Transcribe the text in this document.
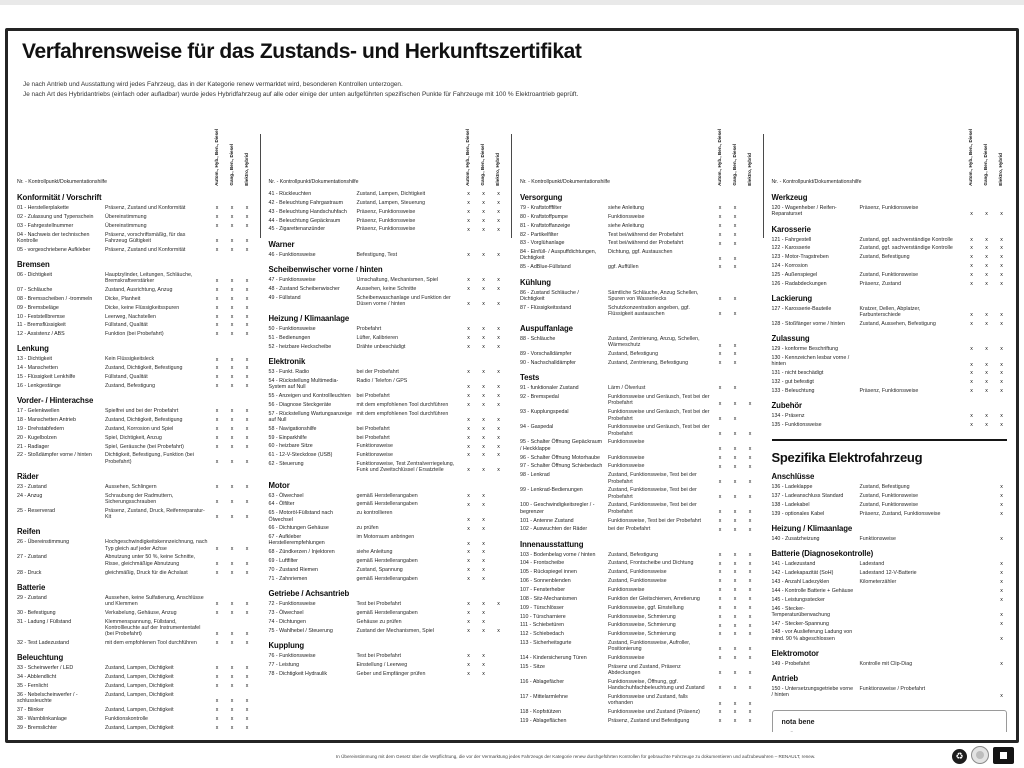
Verfahrensweise für das Zustands- und Herkunftszertifikat
Je nach Antrieb und Ausstattung wird jedes Fahrzeug, das in der Kategorie renew vermarktet wird, besonderen Kontrollen unterzogen.
Je nach Art des Hybridantriebs (einfach oder aufladbar) wurde jedes Hybridfahrzeug auf alle oder einige der unten aufgeführten spezifischen Punkte für Fahrzeuge mit 100 % Elektroantrieb geprüft.
Nr. - Kontrollpunkt/Dokumentationshilfe	Autom., Hyb., Ben., Diesel Gang., Ben., Diesel Elektro, Hybrid
Konformität / Vorschrift
01 - Herstellerplakette	Präsenz, Zustand und Konformität	x	x	x
02 - Zulassung und Typenschein	Übereinstimmung	x	x	x
03 - Fahrgestellnummer	Übereinstimmung	x	x	x
04 - Nachweis der technischen Kontrolle
Präsenz, vorschriftsmäßig, für das Fahrzeug Gültigkeit	x	x	x
05 - vorgeschriebene Aufkleber	Präsenz, Zustand und Konformität	x	x	x
Bremsen
06 - Dichtigkeit	Hauptzylinder, Leitungen, Schläuche, Bremskraftverstärker	x	x	x
07 - Schläuche	Zustand, Ausrichtung, Anzug	x	x	x
08 - Bremsscheiben / -trommeln	Dicke, Planheit	x	x	x
09 - Bremsbeläge	Dicke, keine Flüssigkeitsspuren	x	x	x
10 - Feststellbremse	Leerweg, Nachstellen	x	x	x
11 - Bremsflüssigkeit	Füllstand, Qualität	x	x	x
12 - Assistenz / ABS	Funktion (bei Probefahrt)	x	x	x
Lenkung
13 - Dichtigkeit	Kein Flüssigkeitsleck	x	x	x
14 - Manschetten	Zustand, Dichtigkeit, Befestigung	x	x	x
15 - Flüssigkeit Lenkhilfe	Füllstand, Qualität	x	x	x
16 - Lenkgestänge	Zustand, Befestigung	x	x	x
Vorder- / Hinterachse
17 - Gelenkwellen	Spielfrei und bei der Probefahrt	x	x	x
18 - Manschetten Antrieb	Zustand, Dichtigkeit, Befestigung	x	x	x
19 - Drehstabfedern	Zustand, Korrosion und Spiel	x	x	x
20 - Kugelbolzen	Spiel, Dichtigkeit, Anzug	x	x	x
21 - Radlager	Spiel, Geräusche (bei Probefahrt)	x	x	x
22 - Stoßdämpfer vorne / hinten	Dichtigkeit, Befestigung, Funktion (bei Probefahrt)	x	x	x
Räder
23 - Zustand	Aussehen, Schlingern	x	x	x
24 - Anzug	Schraubung der Radmuttern, Sicherungsschrauben	x	x	x
25 - Reserverad	Präsenz, Zustand, Druck, Reifenreparatur-Kit	x	x	x
Reifen
26 - Übereinstimmung	Hochgeschwindigkeitskennzeichnung, nach Typ gleich auf jeder Achse	x	x	x
27 - Zustand	Abnutzung unter 50 %, keine Schnitte, Risse, gleichmäßige Abnutzung	x	x	x
28 - Druck	gleichmäßig, Druck für die Achslast	x	x	x
Batterie
29 - Zustand	Aussehen, keine Sulfatierung, Anschlüsse und Klemmen	x	x	x
30 - Befestigung	Verkabelung, Gehäuse, Anzug	x	x	x
31 - Ladung / Füllstand	Klemmenspannung, Füllstand, Kontrollleuchte auf der Instrumententafel (bei Probefahrt)	x	x	x
32 - Test Ladezustand	mit dem empfohlenen Tool durchführen	x	x	x
Beleuchtung
33 - Scheinwerfer / LED	Zustand, Lampen, Dichtigkeit	x	x	x
34 - Abblendlicht	Zustand, Lampen, Dichtigkeit	x	x	x
35 - Fernlicht	Zustand, Lampen, Dichtigkeit	x	x	x
36 - Nebelscheinwerfer / -schlussleuchte
Zustand, Lampen, Dichtigkeit
x	x	x
37 - Blinker	Zustand, Lampen, Dichtigkeit	x	x	x
38 - Warnblinkanlage	Funktionskontrolle	x	x	x
39 - Bremslichter	Zustand, Lampen, Dichtigkeit	x	x	x
Nr. - Kontrollpunkt/Dokumentationshilfe	Autom., Hyb., Ben., Diesel Gang., Ben., Diesel Elektro, Hybrid
41 - Rückleuchten	Zustand, Lampen, Dichtigkeit	x	x	x
42 - Beleuchtung Fahrgastraum	Zustand, Lampen, Steuerung	x	x	x
43 - Beleuchtung Handschuhfach	Präsenz, Funktionsweise	x	x	x
44 - Beleuchtung Gepäckraum	Präsenz, Funktionsweise	x	x	x
45 - Zigarettenanzünder	Präsenz, Funktionsweise	x	x	x
Warner
46 - Funktionsweise	Befestigung, Test	x	x	x
Scheibenwischer vorne / hinten
47 - Funktionsweise	Umschaltung, Mechanismen, Spiel	x	x	x
48 - Zustand Scheibenwischer	Aussehen, keine Schnitte	x	x	x
49 - Füllstand	Scheibenwaschanlage und Funktion der Düsen vorne / hinten	x	x	x
Heizung / Klimaanlage
50 - Funktionsweise	Probefahrt	x	x	x
51 - Bedienungen	Lüfter, Kalibrieren	x	x	x
52 - heizbare Heckscheibe	Drähte unbeschädigt	x	x	x
Elektronik
53 - Funkt. Radio	bei der Probefahrt	x	x	x
54 - Rückstellung Multimedia-System auf Null
Radio / Telefon / GPS
x	x	x
55 - Anzeigen und Kontrollleuchten	bei Probefahrt	x	x	x
56 - Diagnose Steckgeräte	mit dem empfohlenen Tool durchführen	x	x	x
57 - Rückstellung Wartungsanzeige auf Null
mit dem empfohlenen Tool durchführen
x	x	x
58 - Navigationshilfe	bei Probefahrt	x	x	x
59 - Einparkhilfe	bei Probefahrt	x	x	x
60 - heizbare Sitze	Funktionsweise	x	x	x
61 - 12-V-Steckdose (USB)	Funktionsweise	x	x	x
62 - Steuerung	Funktionsweise, Test Zentralverriegelung, Funk und Zweitschlüssel / Ersatzteile	x	x	x
Motor
63 - Ölwechsel	gemäß Herstellerangaben	x	x
64 - Ölfilter	gemäß Herstellerangaben	x	x
65 - Motoröl-Füllstand nach Ölwechsel
zu kontrollieren
x	x
66 - Dichtungen Gehäuse	zu prüfen	x	x
67 - Aufkleber Herstellerempfehlungen
im Motorraum anbringen
x	x
68 - Zündkerzen / Injektoren	siehe Anleitung	x	x
69 - Luftfilter	gemäß Herstellerangaben	x	x
70 - Zustand Riemen	Zustand, Spannung	x	x
71 - Zahnriemen	gemäß Herstellerangaben	x	x
Getriebe / Achsantrieb
72 - Funktionsweise	Test bei Probefahrt	x	x	x
73 - Ölwechsel	gemäß Herstellerangaben	x	x
74 - Dichtungen	Gehäuse zu prüfen	x	x
75 - Wahlhebel / Steuerung	Zustand der Mechanismen, Spiel	x	x	x
Kupplung
76 - Funktionsweise	Test bei Probefahrt	x	x
77 - Leistung	Einstellung / Leerweg	x	x
78 - Dichtigkeit Hydraulik	Geber und Empfänger prüfen	x	x
Nr. - Kontrollpunkt/Dokumentationshilfe	Autom., Hyb., Ben., Diesel Gang., Ben., Diesel Elektro, Hybrid
Versorgung
79 - Kraftstofffilter	siehe Anleitung	x	x
80 - Kraftstoffpumpe	Funktionsweise	x	x
81 - Kraftstoffanzeige	siehe Anleitung	x	x
82 - Partikelfilter	Test bei/während der Probefahrt	x	x
83 - Vorglühanlage	Test bei/während der Probefahrt	x	x
84 - Einfüll- / Auspuffdichtungen, Dichtigkeit
Dichtung, ggf. Austauschen
x	x
85 - AdBlue-Füllstand	ggf. Auffüllen	x	x
Kühlung
86 - Zustand Schläuche / Dichtigkeit
Sämtliche Schläuche, Anzug Schellen, Spuren von Wasserlecks	x	x
87 - Flüssigkeitsstand	Schutzkonzentration angeben, ggf. Flüssigkeit austauschen	x	x
Auspuffanlage
88 - Schläuche	Zustand, Zentrierung, Anzug, Schellen, Wärmeschutz	x	x
89 - Vorschalldämpfer	Zustand, Befestigung	x	x
90 - Nachschalldämpfer	Zustand, Zentrierung, Befestigung	x	x
Tests
91 - funktionaler Zustand	Lärm / Ölverlust	x	x
92 - Bremspedal	Funktionsweise und Geräusch, Test bei der Probefahrt	x	x	x
93 - Kupplungspedal	Funktionsweise und Geräusch, Test bei der Probefahrt	x	x
94 - Gaspedal	Funktionsweise und Geräusch, Test bei der Probefahrt	x	x	x
95 - Schalter Öffnung Gepäckraum / Heckklappe
Funktionsweise
x	x	x
96 - Schalter Öffnung Motorhaube	Funktionsweise	x	x	x
97 - Schalter Öffnung Schiebedach	Funktionsweise	x	x	x
98 - Lenkrad	Zustand, Funktionsweise, Test bei der Probefahrt	x	x	x
99 - Lenkrad-Bedienungen	Zustand, Funktionsweise, Test bei der Probefahrt	x	x	x
100 - Geschwindigkeitsregler / -begrenzer
Zustand, Funktionsweise, Test bei der Probefahrt	x	x	x
101 - Antenne Zustand	Funktionsweise, Test bei der Probefahrt	x	x	x
102 - Auswuchten der Räder	bei der Probefahrt	x	x	x
Innenausstattung
103 - Bodenbelag vorne / hinten	Zustand, Befestigung	x	x	x
104 - Frontscheibe	Zustand, Frontscheibe und Dichtung	x	x	x
105 - Rückspiegel innen	Zustand, Funktionsweise	x	x	x
106 - Sonnenblenden	Zustand, Funktionsweise	x	x	x
107 - Fensterheber	Funktionsweise	x	x	x
108 - Sitz-Mechanismen	Funktion der Gleitschienen, Arretierung	x	x	x
109 - Türschlösser	Funktionsweise, ggf. Einstellung	x	x	x
110 - Türscharniere	Funktionsweise, Schmierung	x	x	x
111 - Schiebetüren	Funktionsweise, Schmierung	x	x	x
112 - Schiebedach	Funktionsweise, Schmierung	x	x	x
113 - Sicherheitsgurte	Zustand, Funktionsweise, Aufroller, Positionierung	x	x	x
114 - Kindersicherung Türen	Funktionsweise	x	x	x
115 - Sitze	Präsenz und Zustand, Präsenz Abdeckungen	x	x	x
116 - Ablagefächer	Funktionsweise, Öffnung, ggf. Handschuhfachbeleuchtung und Zustand	x	x	x
117 - Mittelarmlehne	Funktionsweise und Zustand, falls vorhanden	x	x	x
118 - Kopfstützen	Funktionsweise und Zustand (Präsenz)	x	x	x
119 - Ablageflächen	Präsenz, Zustand und Befestigung	x	x	x
Nr. - Kontrollpunkt/Dokumentationshilfe	Autom., Hyb., Ben., Diesel Gang., Ben., Diesel Elektro, Hybrid
Werkzeug
120 - Wagenheber / Reifen-Reparaturset
Präsenz, Funktionsweise
x	x	x
Karosserie
121 - Fahrgestell	Zustand, ggf. sachverständige Kontrolle	x	x	x
122 - Karosserie	Zustand, ggf. sachverständige Kontrolle	x	x	x
123 - Motor-Tragstreben	Zustand, Befestigung	x	x	x
124 - Korrosion	x	x	x
125 - Außenspiegel	Zustand, Funktionsweise	x	x	x
126 - Radabdeckungen	Präsenz, Zustand	x	x	x
Lackierung
127 - Karosserie-Bauteile	Kratzer, Dellen, Abplatzer, Farbunterschiede	x	x	x
128 - Stoßfänger vorne / hinten	Zustand, Aussehen, Befestigung	x	x	x
Zulassung
129 - konforme Beschriftung	x	x	x
130 - Kennzeichen lesbar vorne / hinten	x	x	x
131 - nicht beschädigt	x	x	x
132 - gut befestigt	x	x	x
133 - Beleuchtung	Präsenz, Funktionsweise	x	x	x
Zubehör
134 - Präsenz	x	x	x
135 - Funktionsweise	x	x	x
Spezifika Elektrofahrzeug
Anschlüsse
136 - Ladeklappe	Zustand, Befestigung	x
137 - Ladeanschluss Standard	Zustand, Funktionsweise	x
138 - Ladekabel	Zustand, Funktionsweise	x
139 - optionales Kabel	Präsenz, Zustand, Funktionsweise	x
Heizung / Klimaanlage
140 - Zusatzheizung	Funktionsweise	x
Batterie (Diagnosekontrolle)
141 - Ladezustand	Ladestand	x
142 - Ladekapazität (SoH)	Ladestand 12-V-Batterie	x
143 - Anzahl Ladezyklen	Kilometerzähler	x
144 - Kontrolle Batterie + Gehäuse	x
145 - Leistungsstecker	x
146 - Stecker-Temperaturüberwachung	x
147 - Stecker-Spannung	x
148 - vor Auslieferung Ladung von mind. 90 % abgeschlossen	x
Elektromotor
149 - Probefahrt	Kontrolle mit Clip-Diag	x
Antrieb
150 - Untersetzungsgetriebe vorne / hinten
Funktionsweise / Probefahrt
x
nota bene
In Übereinstimmung mit dem Gesetz über die Verpflichtung, die vor der Vermarktung jedes Fahrzeugs der Kategorie renew durchgeführten Kontrollen für gebrauchte Fahrzeuge zu dokumentieren und aufzubewahren – RENAULT, renew.	♻
